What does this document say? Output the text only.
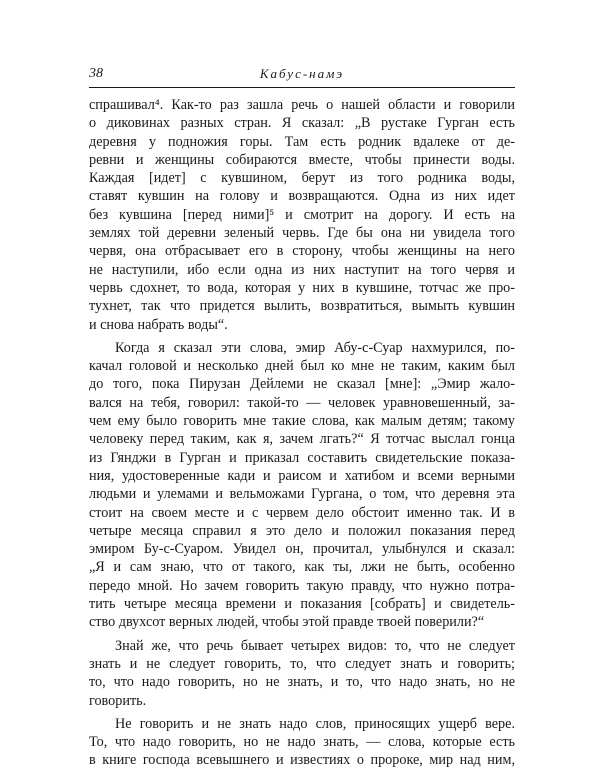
38	Кабус-намэ
спрашивал⁴. Как-то раз зашла речь о нашей области и говорили
о диковинах разных стран. Я сказал: „В рустаке Гурган есть
деревня у подножия горы. Там есть родник вдалеке от де-
ревни и женщины собираются вместе, чтобы принести воды.
Каждая [идет] с кувшином, берут из того родника воды,
ставят кувшин на голову и возвращаются. Одна из них идет
без кувшина [перед ними]⁵ и смотрит на дорогу. И есть на
землях той деревни зеленый червь. Где бы она ни увидела того
червя, она отбрасывает его в сторону, чтобы женщины на него
не наступили, ибо если одна из них наступит на того червя и
червь сдохнет, то вода, которая у них в кувшине, тотчас же про-
тухнет, так что придется вылить, возвратиться, вымыть кувшин
и снова набрать воды“.
Когда я сказал эти слова, эмир Абу-с-Суар нахмурился, по-
качал головой и несколько дней был ко мне не таким, каким был
до того, пока Пирузан Дейлеми не сказал [мне]: „Эмир жало-
вался на тебя, говорил: такой-то — человек уравновешенный, за-
чем ему было говорить мне такие слова, как малым детям; такому
человеку перед таким, как я, зачем лгать?“ Я тотчас выслал гонца
из Гянджи в Гурган и приказал составить свидетельские показа-
ния, удостоверенные кади и раисом и хатибом и всеми верными
людьми и улемами и вельможами Гургана, о том, что деревня эта
стоит на своем месте и с червем дело обстоит именно так. И в
четыре месяца справил я это дело и положил показания перед
эмиром Бу-с-Суаром. Увидел он, прочитал, улыбнулся и сказал:
„Я и сам знаю, что от такого, как ты, лжи не быть, особенно
передо мной. Но зачем говорить такую правду, что нужно потра-
тить четыре месяца времени и показания [собрать] и свидетель-
ство двухсот верных людей, чтобы этой правде твоей поверили?“
Знай же, что речь бывает четырех видов: то, что не следует
знать и не следует говорить, то, что следует знать и говорить;
то, что надо говорить, но не знать, и то, что надо знать, но не
говорить.
Не говорить и не знать надо слов, приносящих ущерб вере.
То, что надо говорить, но не надо знать, — слова, которые есть
в книге господа всевышнего и известиях о пророке, мир над ним,
